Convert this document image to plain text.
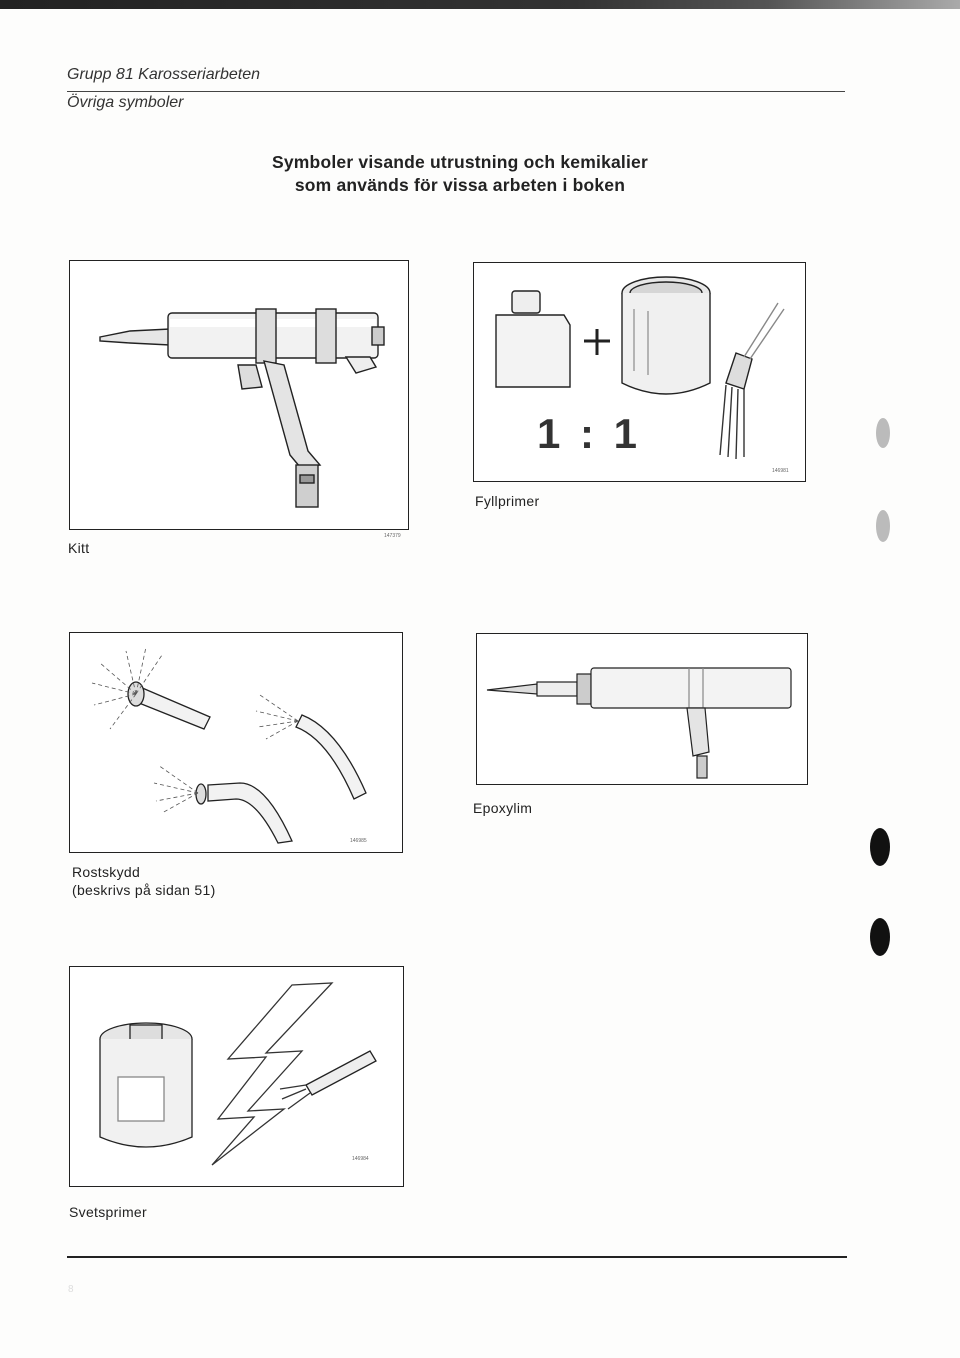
Grupp 81 Karosseriarbeten
Övriga symboler
Symboler visande utrustning och kemikalier
som används för vissa arbeten i boken
Kitt
147379
1 : 1
146981
Fyllprimer
146985
Rostskydd
(beskrivs på sidan 51)
Epoxylim
146984
Svetsprimer
8
